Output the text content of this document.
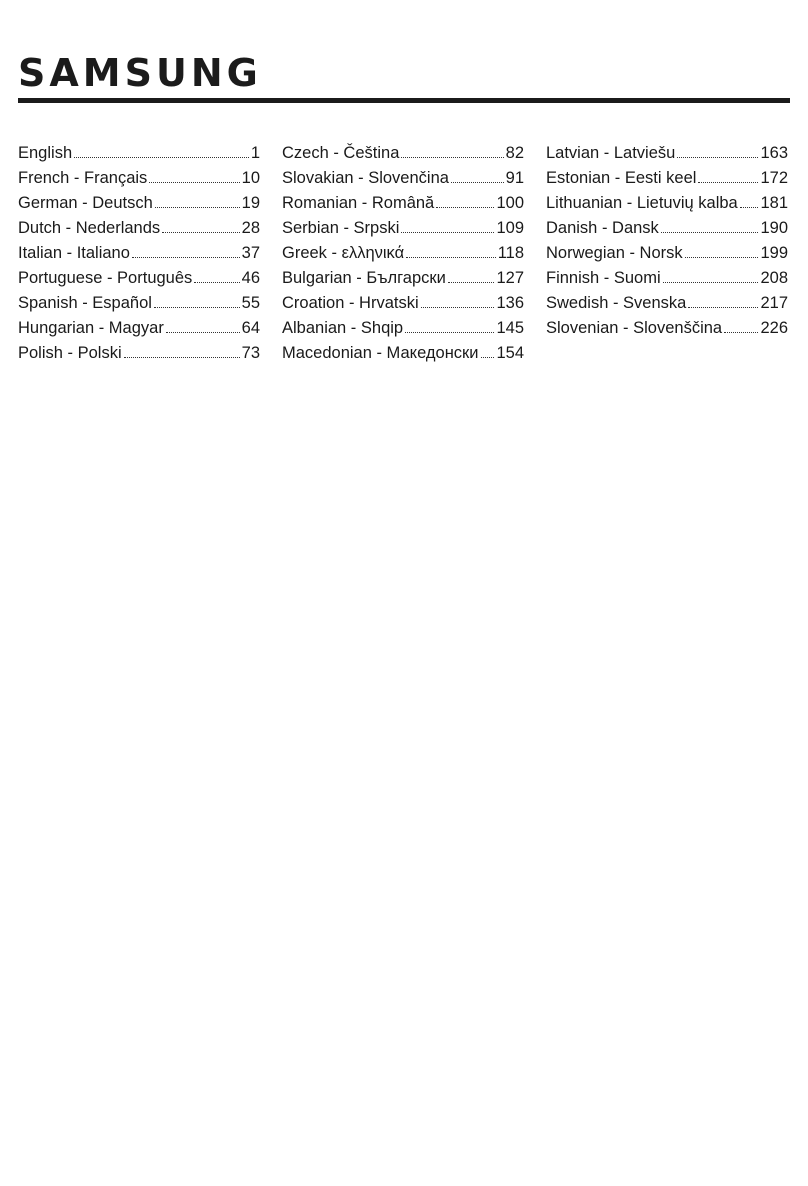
SAMSUNG
English	1
French - Français	10
German - Deutsch	19
Dutch - Nederlands	28
Italian - Italiano	37
Portuguese - Português	46
Spanish - Español	55
Hungarian - Magyar	64
Polish - Polski	73
Czech - Čeština	82
Slovakian - Slovenčina	91
Romanian - Română	100
Serbian - Srpski	109
Greek - ελληνικά	118
Bulgarian - Български	127
Croation - Hrvatski	136
Albanian - Shqip	145
Macedonian - Македонски 154
Latvian - Latviešu	163
Estonian - Eesti keel	172
Lithuanian - Lietuvių kalba 181
Danish - Dansk	190
Norwegian - Norsk	199
Finnish - Suomi	208
Swedish - Svenska	217
Slovenian - Slovenščina 226
